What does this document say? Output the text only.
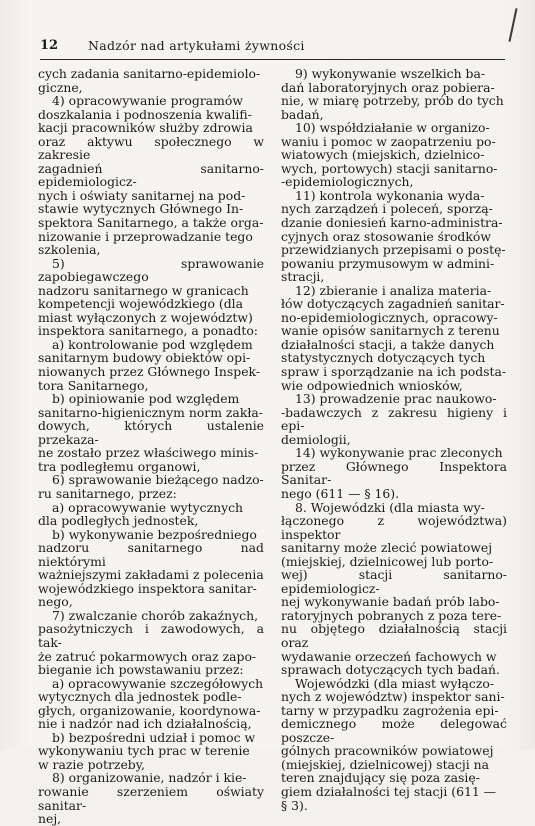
12 Nadzór nad artykułami żywności

cych zadania sanitarno-epidemiolo-
giczne,

4) opracowywanie programów
doszkalania i podnoszenia kwalifi-
kacji pracowników służby zdrowia
oraz aktywu społecznego w zakresie
zagadnień sanitarno-epidemiologicz-
nych i oświaty sanitarnej na pod-
stawie wytycznych Głównego In-
spektora Sanitarnego, a także orga-
nizowanie i przeprowadzanie tego
szkolenia,

5) sprawowanie zapobiegawczego
nadzoru sanitarnego w granicach
kompetencji wojewódzkiego (dla
miast wyłączonych z województw)
inspektora sanitarnego, a ponadto:

a) kontrolowanie pod względem
sanitarnym budowy obiektów opi-
niowanych przez Głównego Inspek-
tora Sanitarnego,

b) opiniowanie pod względem
sanitarno-higienicznym norm zakła-
dowych, których ustalenie przekaza-
ne zostało przez właściwego minis-
tra podległemu organowi,

6) sprawowanie bieżącego nadzo-
ru sanitarnego, przez:

a) opracowywanie wytycznych
dla podległych jednostek,

b) wykonywanie bezpośredniego
nadzoru sanitarnego nad niektórymi
ważniejszymi zakładami z polecenia
wojewódzkiego inspektora sanitar-
nego,

7) zwalczanie chorób zakaźnych,
pasożytniczych i zawodowych, a tak-
że zatruć pokarmowych oraz zapo-
bieganie ich powstawaniu przez:

a) opracowywanie szczegółowych
wytycznych dla jednostek podle-
głych, organizowanie, koordynowa-
nie i nadzór nad ich działalnością,

b) bezpośredni udział i pomoc w
wykonywaniu tych prac w terenie
w razie potrzeby,

8) organizowanie, nadzór i kie-
rowanie szerzeniem oświaty sanitar-
nej,

9) wykonywanie wszelkich ba-
dań laboratoryjnych oraz pobiera-
nie, w miarę potrzeby, prób do tych
badań,

10) współdziałanie w organizo-
waniu i pomoc w zaopatrzeniu po-
wiatowych (miejskich, dzielnico-
wych, portowych) stacji sanitarno-
-epidemiologicznych,

11) kontrola wykonania wyda-
nych zarządzeń i poleceń, sporzą-
dzanie doniesień karno-administra-
cyjnych oraz stosowanie środków
przewidzianych przepisami o postę-
powaniu przymusowym w admini-
stracji,

12) zbieranie i analiza materia-
łów dotyczących zagadnień sanitar-
no-epidemiologicznych, opracowy-
wanie opisów sanitarnych z terenu
działalności stacji, a także danych
statystycznych dotyczących tych
spraw i sporządzanie na ich podsta-
wie odpowiednich wniosków,

13) prowadzenie prac naukowo-
-badawczych z zakresu higieny i epi-
demiologii,

14) wykonywanie prac zleconych
przez Głównego Inspektora Sanitar-
nego (611 — § 16).

8. Wojewódzki (dla miasta wy-
łączonego z województwa) inspektor
sanitarny może zlecić powiatowej
(miejskiej, dzielnicowej lub porto-
wej) stacji sanitarno-epidemiologicz-
nej wykonywanie badań prób labo-
ratoryjnych pobranych z poza tere-
nu objętego działalnością stacji oraz
wydawanie orzeczeń fachowych w
sprawach dotyczących tych badań.

Wojewódzki (dla miast wyłączo-
nych z województw) inspektor sani-
tarny w przypadku zagrożenia epi-
demicznego może delegować poszcze-
gólnych pracowników powiatowej
(miejskiej, dzielnicowej) stacji na
teren znajdujący się poza zasię-
giem działalności tej stacji (611 —
§ 3).
